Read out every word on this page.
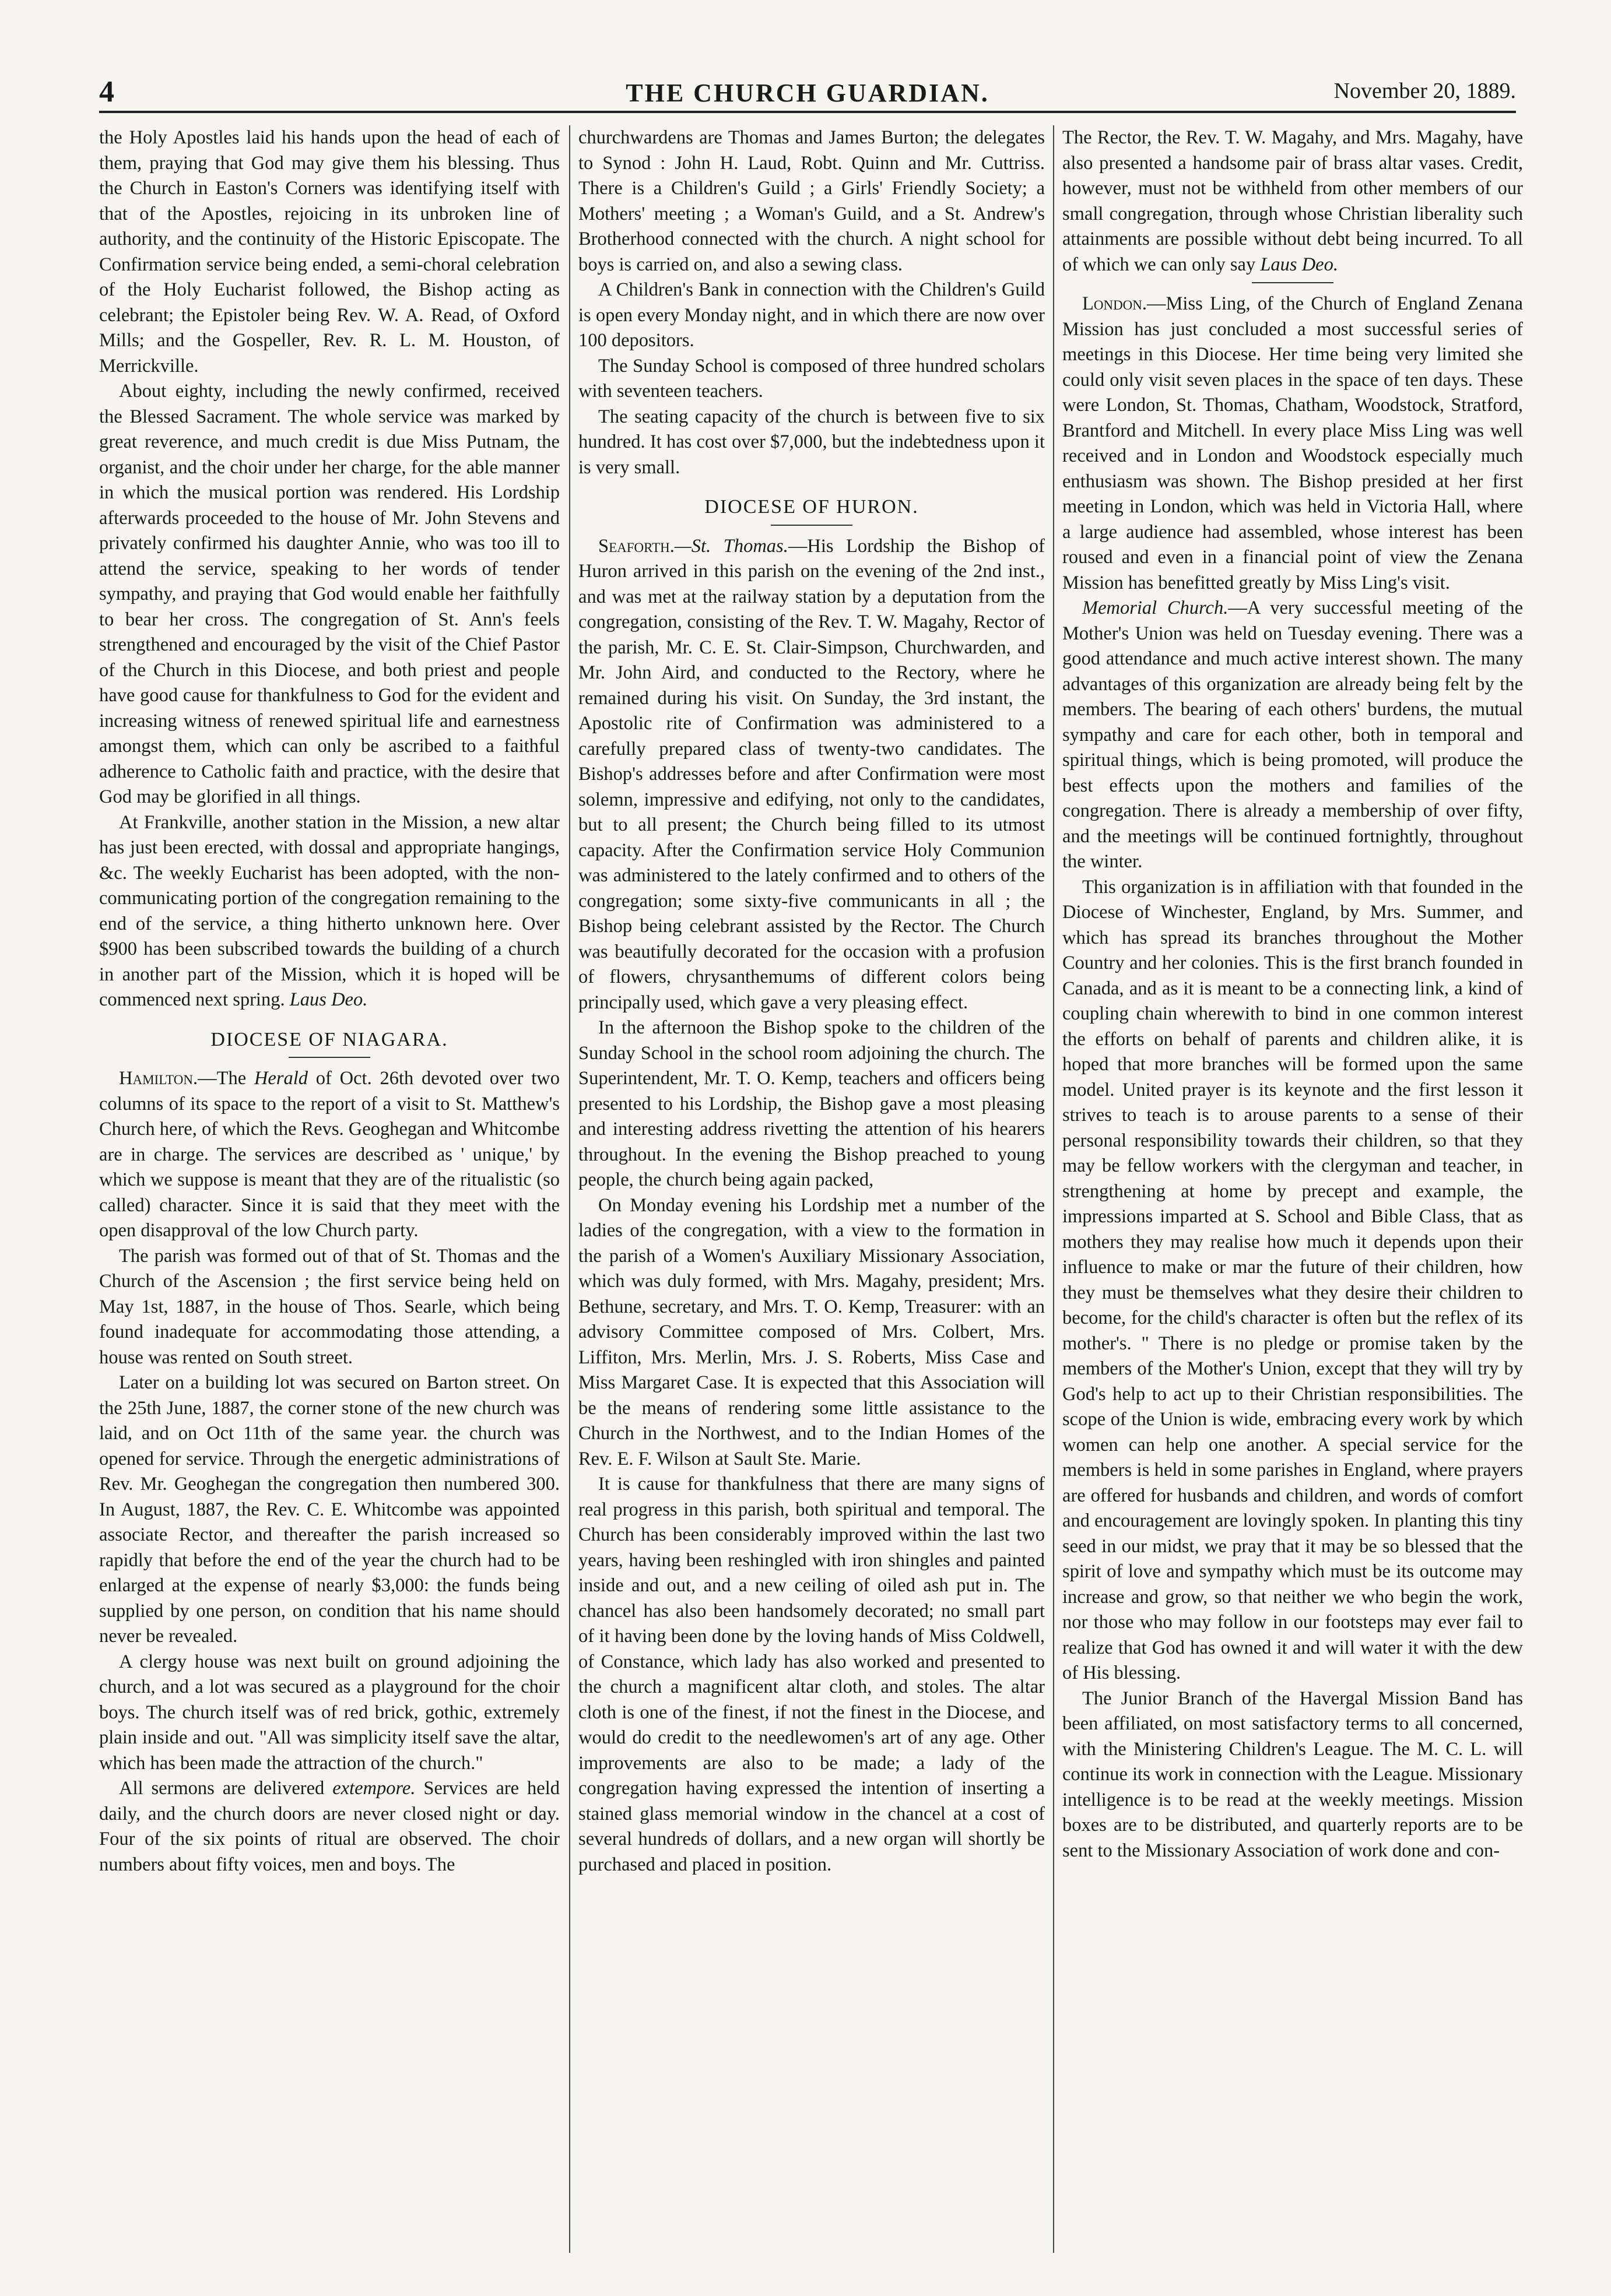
4	THE CHURCH GUARDIAN.	November 20, 1889.

the Holy Apostles laid his hands upon the head of each of them, praying that God may give them his blessing. Thus the Church in Easton's Corners was identifying itself with that of the Apostles, rejoicing in its unbroken line of authority, and the continuity of the Historic Episcopate. The Confirmation service being ended, a semi-choral celebration of the Holy Eucharist followed, the Bishop acting as celebrant; the Epistoler being Rev. W. A. Read, of Oxford Mills; and the Gospeller, Rev. R. L. M. Houston, of Merrickville.

About eighty, including the newly confirmed, received the Blessed Sacrament. The whole service was marked by great reverence, and much credit is due Miss Putnam, the organist, and the choir under her charge, for the able manner in which the musical portion was rendered. His Lordship afterwards proceeded to the house of Mr. John Stevens and privately confirmed his daughter Annie, who was too ill to attend the service, speaking to her words of tender sympathy, and praying that God would enable her faithfully to bear her cross. The congregation of St. Ann's feels strengthened and encouraged by the visit of the Chief Pastor of the Church in this Diocese, and both priest and people have good cause for thankfulness to God for the evident and increasing witness of renewed spiritual life and earnestness amongst them, which can only be ascribed to a faithful adherence to Catholic faith and practice, with the desire that God may be glorified in all things.

At Frankville, another station in the Mission, a new altar has just been erected, with dossal and appropriate hangings, &c. The weekly Eucharist has been adopted, with the non-communicating portion of the congregation remaining to the end of the service, a thing hitherto unknown here. Over $900 has been subscribed towards the building of a church in another part of the Mission, which it is hoped will be commenced next spring. Laus Deo.

DIOCESE OF NIAGARA.

Hamilton.—The Herald of Oct. 26th devoted over two columns of its space to the report of a visit to St. Matthew's Church here, of which the Revs. Geoghegan and Whitcombe are in charge. The services are described as ' unique,' by which we suppose is meant that they are of the ritualistic (so called) character. Since it is said that they meet with the open disapproval of the low Church party.

The parish was formed out of that of St. Thomas and the Church of the Ascension ; the first service being held on May 1st, 1887, in the house of Thos. Searle, which being found inadequate for accommodating those attending, a house was rented on South street.

Later on a building lot was secured on Barton street. On the 25th June, 1887, the corner stone of the new church was laid, and on Oct 11th of the same year. the church was opened for service. Through the energetic administrations of Rev. Mr. Geoghegan the congregation then numbered 300. In August, 1887, the Rev. C. E. Whitcombe was appointed associate Rector, and thereafter the parish increased so rapidly that before the end of the year the church had to be enlarged at the expense of nearly $3,000: the funds being supplied by one person, on condition that his name should never be revealed.

A clergy house was next built on ground adjoining the church, and a lot was secured as a playground for the choir boys. The church itself was of red brick, gothic, extremely plain inside and out. "All was simplicity itself save the altar, which has been made the attraction of the church."

All sermons are delivered extempore. Services are held daily, and the church doors are never closed night or day. Four of the six points of ritual are observed. The choir numbers about fifty voices, men and boys. The

churchwardens are Thomas and James Burton; the delegates to Synod : John H. Laud, Robt. Quinn and Mr. Cuttriss. There is a Children's Guild ; a Girls' Friendly Society; a Mothers' meeting ; a Woman's Guild, and a St. Andrew's Brotherhood connected with the church. A night school for boys is carried on, and also a sewing class.

A Children's Bank in connection with the Children's Guild is open every Monday night, and in which there are now over 100 depositors.

The Sunday School is composed of three hundred scholars with seventeen teachers.

The seating capacity of the church is between five to six hundred. It has cost over $7,000, but the indebtedness upon it is very small.

DIOCESE OF HURON.

Seaforth.—St. Thomas.—His Lordship the Bishop of Huron arrived in this parish on the evening of the 2nd inst., and was met at the railway station by a deputation from the congregation, consisting of the Rev. T. W. Magahy, Rector of the parish, Mr. C. E. St. Clair-Simpson, Churchwarden, and Mr. John Aird, and conducted to the Rectory, where he remained during his visit. On Sunday, the 3rd instant, the Apostolic rite of Confirmation was administered to a carefully prepared class of twenty-two candidates. The Bishop's addresses before and after Confirmation were most solemn, impressive and edifying, not only to the candidates, but to all present; the Church being filled to its utmost capacity. After the Confirmation service Holy Communion was administered to the lately confirmed and to others of the congregation; some sixty-five communicants in all ; the Bishop being celebrant assisted by the Rector. The Church was beautifully decorated for the occasion with a profusion of flowers, chrysanthemums of different colors being principally used, which gave a very pleasing effect.

In the afternoon the Bishop spoke to the children of the Sunday School in the school room adjoining the church. The Superintendent, Mr. T. O. Kemp, teachers and officers being presented to his Lordship, the Bishop gave a most pleasing and interesting address rivetting the attention of his hearers throughout. In the evening the Bishop preached to young people, the church being again packed,

On Monday evening his Lordship met a number of the ladies of the congregation, with a view to the formation in the parish of a Women's Auxiliary Missionary Association, which was duly formed, with Mrs. Magahy, president; Mrs. Bethune, secretary, and Mrs. T. O. Kemp, Treasurer: with an advisory Committee composed of Mrs. Colbert, Mrs. Liffiton, Mrs. Merlin, Mrs. J. S. Roberts, Miss Case and Miss Margaret Case. It is expected that this Association will be the means of rendering some little assistance to the Church in the Northwest, and to the Indian Homes of the Rev. E. F. Wilson at Sault Ste. Marie.

It is cause for thankfulness that there are many signs of real progress in this parish, both spiritual and temporal. The Church has been considerably improved within the last two years, having been reshingled with iron shingles and painted inside and out, and a new ceiling of oiled ash put in. The chancel has also been handsomely decorated; no small part of it having been done by the loving hands of Miss Coldwell, of Constance, which lady has also worked and presented to the church a magnificent altar cloth, and stoles. The altar cloth is one of the finest, if not the finest in the Diocese, and would do credit to the needlewomen's art of any age. Other improvements are also to be made; a lady of the congregation having expressed the intention of inserting a stained glass memorial window in the chancel at a cost of several hundreds of dollars, and a new organ will shortly be purchased and placed in position.

The Rector, the Rev. T. W. Magahy, and Mrs. Magahy, have also presented a handsome pair of brass altar vases. Credit, however, must not be withheld from other members of our small congregation, through whose Christian liberality such attainments are possible without debt being incurred. To all of which we can only say Laus Deo.

London.—Miss Ling, of the Church of England Zenana Mission has just concluded a most successful series of meetings in this Diocese. Her time being very limited she could only visit seven places in the space of ten days. These were London, St. Thomas, Chatham, Woodstock, Stratford, Brantford and Mitchell. In every place Miss Ling was well received and in London and Woodstock especially much enthusiasm was shown. The Bishop presided at her first meeting in London, which was held in Victoria Hall, where a large audience had assembled, whose interest has been roused and even in a financial point of view the Zenana Mission has benefitted greatly by Miss Ling's visit.

Memorial Church.—A very successful meeting of the Mother's Union was held on Tuesday evening. There was a good attendance and much active interest shown. The many advantages of this organization are already being felt by the members. The bearing of each others' burdens, the mutual sympathy and care for each other, both in temporal and spiritual things, which is being promoted, will produce the best effects upon the mothers and families of the congregation. There is already a membership of over fifty, and the meetings will be continued fortnightly, throughout the winter.

This organization is in affiliation with that founded in the Diocese of Winchester, England, by Mrs. Summer, and which has spread its branches throughout the Mother Country and her colonies. This is the first branch founded in Canada, and as it is meant to be a connecting link, a kind of coupling chain wherewith to bind in one common interest the efforts on behalf of parents and children alike, it is hoped that more branches will be formed upon the same model. United prayer is its keynote and the first lesson it strives to teach is to arouse parents to a sense of their personal responsibility towards their children, so that they may be fellow workers with the clergyman and teacher, in strengthening at home by precept and example, the impressions imparted at S. School and Bible Class, that as mothers they may realise how much it depends upon their influence to make or mar the future of their children, how they must be themselves what they desire their children to become, for the child's character is often but the reflex of its mother's. " There is no pledge or promise taken by the members of the Mother's Union, except that they will try by God's help to act up to their Christian responsibilities. The scope of the Union is wide, embracing every work by which women can help one another. A special service for the members is held in some parishes in England, where prayers are offered for husbands and children, and words of comfort and encouragement are lovingly spoken. In planting this tiny seed in our midst, we pray that it may be so blessed that the spirit of love and sympathy which must be its outcome may increase and grow, so that neither we who begin the work, nor those who may follow in our footsteps may ever fail to realize that God has owned it and will water it with the dew of His blessing.

The Junior Branch of the Havergal Mission Band has been affiliated, on most satisfactory terms to all concerned, with the Ministering Children's League. The M. C. L. will continue its work in connection with the League. Missionary intelligence is to be read at the weekly meetings. Mission boxes are to be distributed, and quarterly reports are to be sent to the Missionary Association of work done and con-
